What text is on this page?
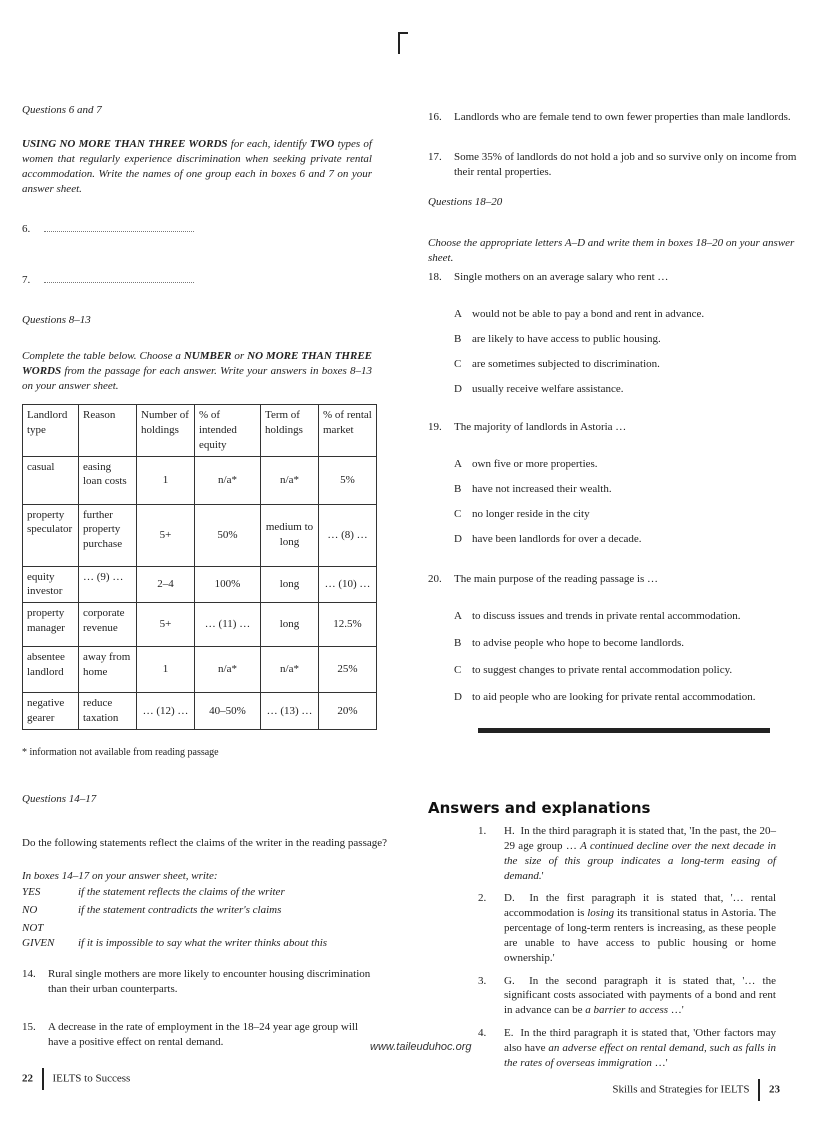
Questions 6 and 7
USING NO MORE THAN THREE WORDS for each, identify TWO types of women that regularly experience discrimination when seeking private rental accommodation. Write the names of one group each in boxes 6 and 7 on your answer sheet.
6.
7.
Questions 8–13
Complete the table below. Choose a NUMBER or NO MORE THAN THREE WORDS from the passage for each answer. Write your answers in boxes 8–13 on your answer sheet.
Landlord type	Reason	Number of holdings	% of intended equity	Term of holdings	% of rental market
casual	easing loan costs	1	n/a*	n/a*	5%
property speculator	further property purchase	5+	50%	medium to long	… (8) …
equity investor	… (9) …	2–4	100%	long	… (10) …
property manager	corporate revenue	5+	… (11) …	long	12.5%
absentee landlord	away from home	1	n/a*	n/a*	25%
negative gearer	reduce taxation	… (12) …	40–50%	… (13) …	20%
* information not available from reading passage
Questions 14–17
Do the following statements reflect the claims of the writer in the reading passage?
In boxes 14–17 on your answer sheet, write:
YES	if the statement reflects the claims of the writer
NO	if the statement contradicts the writer's claims
NOT GIVEN if it is impossible to say what the writer thinks about this
14.	Rural single mothers are more likely to encounter housing discrimination than their urban counterparts.
15.	A decrease in the rate of employment in the 18–24 year age group will have a positive effect on rental demand.	www.taileuduhoc.org
22 IELTS to Success
16.	Landlords who are female tend to own fewer properties than male landlords.
17.	Some 35% of landlords do not hold a job and so survive only on income from their rental properties.
Questions 18–20
Choose the appropriate letters A–D and write them in boxes 18–20 on your answer sheet.
18.	Single mothers on an average salary who rent …
A would not be able to pay a bond and rent in advance.
B are likely to have access to public housing.
C are sometimes subjected to discrimination.
D usually receive welfare assistance.
19.	The majority of landlords in Astoria …
A own five or more properties.
B have not increased their wealth.
C no longer reside in the city
D have been landlords for over a decade.
20.	The main purpose of the reading passage is …
A to discuss issues and trends in private rental accommodation.
B to advise people who hope to become landlords.
C to suggest changes to private rental accommodation policy.
D to aid people who are looking for private rental accommodation.
Answers and explanations
1.	H. In the third paragraph it is stated that, 'In the past, the 20–29 age group … A continued decline over the next decade in the size of this group indicates a long-term easing of demand.'
2.	D. In the first paragraph it is stated that, '… rental accommodation is losing its transitional status in Astoria. The percentage of long-term renters is increasing, as these people are unable to have access to public housing or home ownership.'
3.	G. In the second paragraph it is stated that, '… the significant costs associated with payments of a bond and rent in advance can be a barrier to access …'
4.	E. In the third paragraph it is stated that, 'Other factors may also have an adverse effect on rental demand, such as falls in the rates of overseas immigration …'
Skills and Strategies for IELTS 23
